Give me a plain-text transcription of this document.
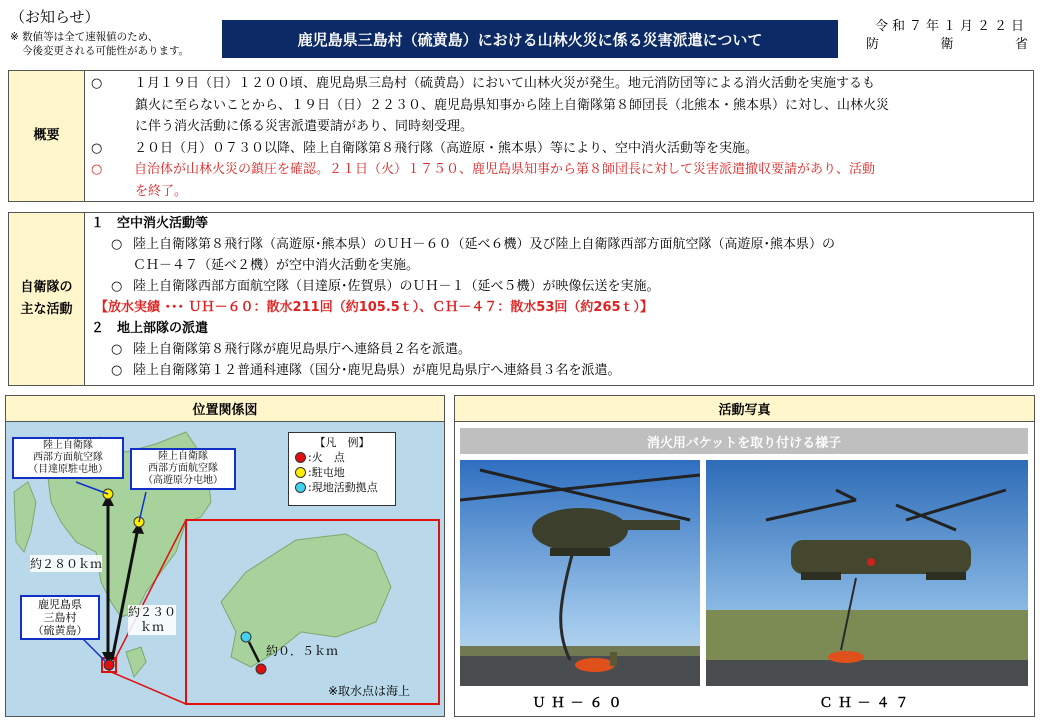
（お知らせ）
※ 数値等は全て速報値のため、
今後変更される可能性があります。
鹿児島県三島村（硫黄島）における山林火災に係る災害派遣について
令和７年１月２２日
防	衛	省
概要
○	　１月１９日（日）１２００頃、鹿児島県三島村（硫黄島）において山林火災が発生。地元消防団等による消火活動を実施するも
鎮火に至らないことから、１９日（日）２２３０、鹿児島県知事から陸上自衛隊第８師団長（北熊本・熊本県）に対し、山林火災
に伴う消火活動に係る災害派遣要請があり、同時刻受理。
○	　２０日（月）０７３０以降、陸上自衛隊第８飛行隊（高遊原・熊本県）等により、空中消火活動等を実施。
○	　自治体が山林火災の鎮圧を確認。２１日（火）１７５０、鹿児島県知事から第８師団長に対して災害派遣撤収要請があり、活動
を終了。
自衛隊の
主な活動
１　空中消火活動等
○ 陸上自衛隊第８飛行隊（高遊原･熊本県）のＵＨ－６０（延べ６機）及び陸上自衛隊西部方面航空隊（高遊原･熊本県）の
ＣＨ－４７（延べ２機）が空中消火活動を実施。
○ 陸上自衛隊西部方面航空隊（目達原･佐賀県）のＵＨ－１（延べ５機）が映像伝送を実施。
【放水実績 ･･･ ＵＨ－６０：散水211回（約105.5ｔ）、ＣＨ－４７：散水53回（約265ｔ）】
２　地上部隊の派遣
○ 陸上自衛隊第８飛行隊が鹿児島県庁へ連絡員２名を派遣。
○ 陸上自衛隊第１２普通科連隊（国分･鹿児島県）が鹿児島県庁へ連絡員３名を派遣。
位置関係図
陸上自衛隊
西部方面航空隊
（目達原駐屯地）
陸上自衛隊
西部方面航空隊
（高遊原分屯地）
鹿児島県
三島村
（硫黄島）
約２８０ｋｍ
約２３０
ｋｍ
約０．５ｋｍ
※取水点は海上
【凡　例】
:火　点
:駐屯地
:現地活動拠点
活動写真
消火用バケットを取り付ける様子
ＵＨ－６０	ＣＨ－４７
